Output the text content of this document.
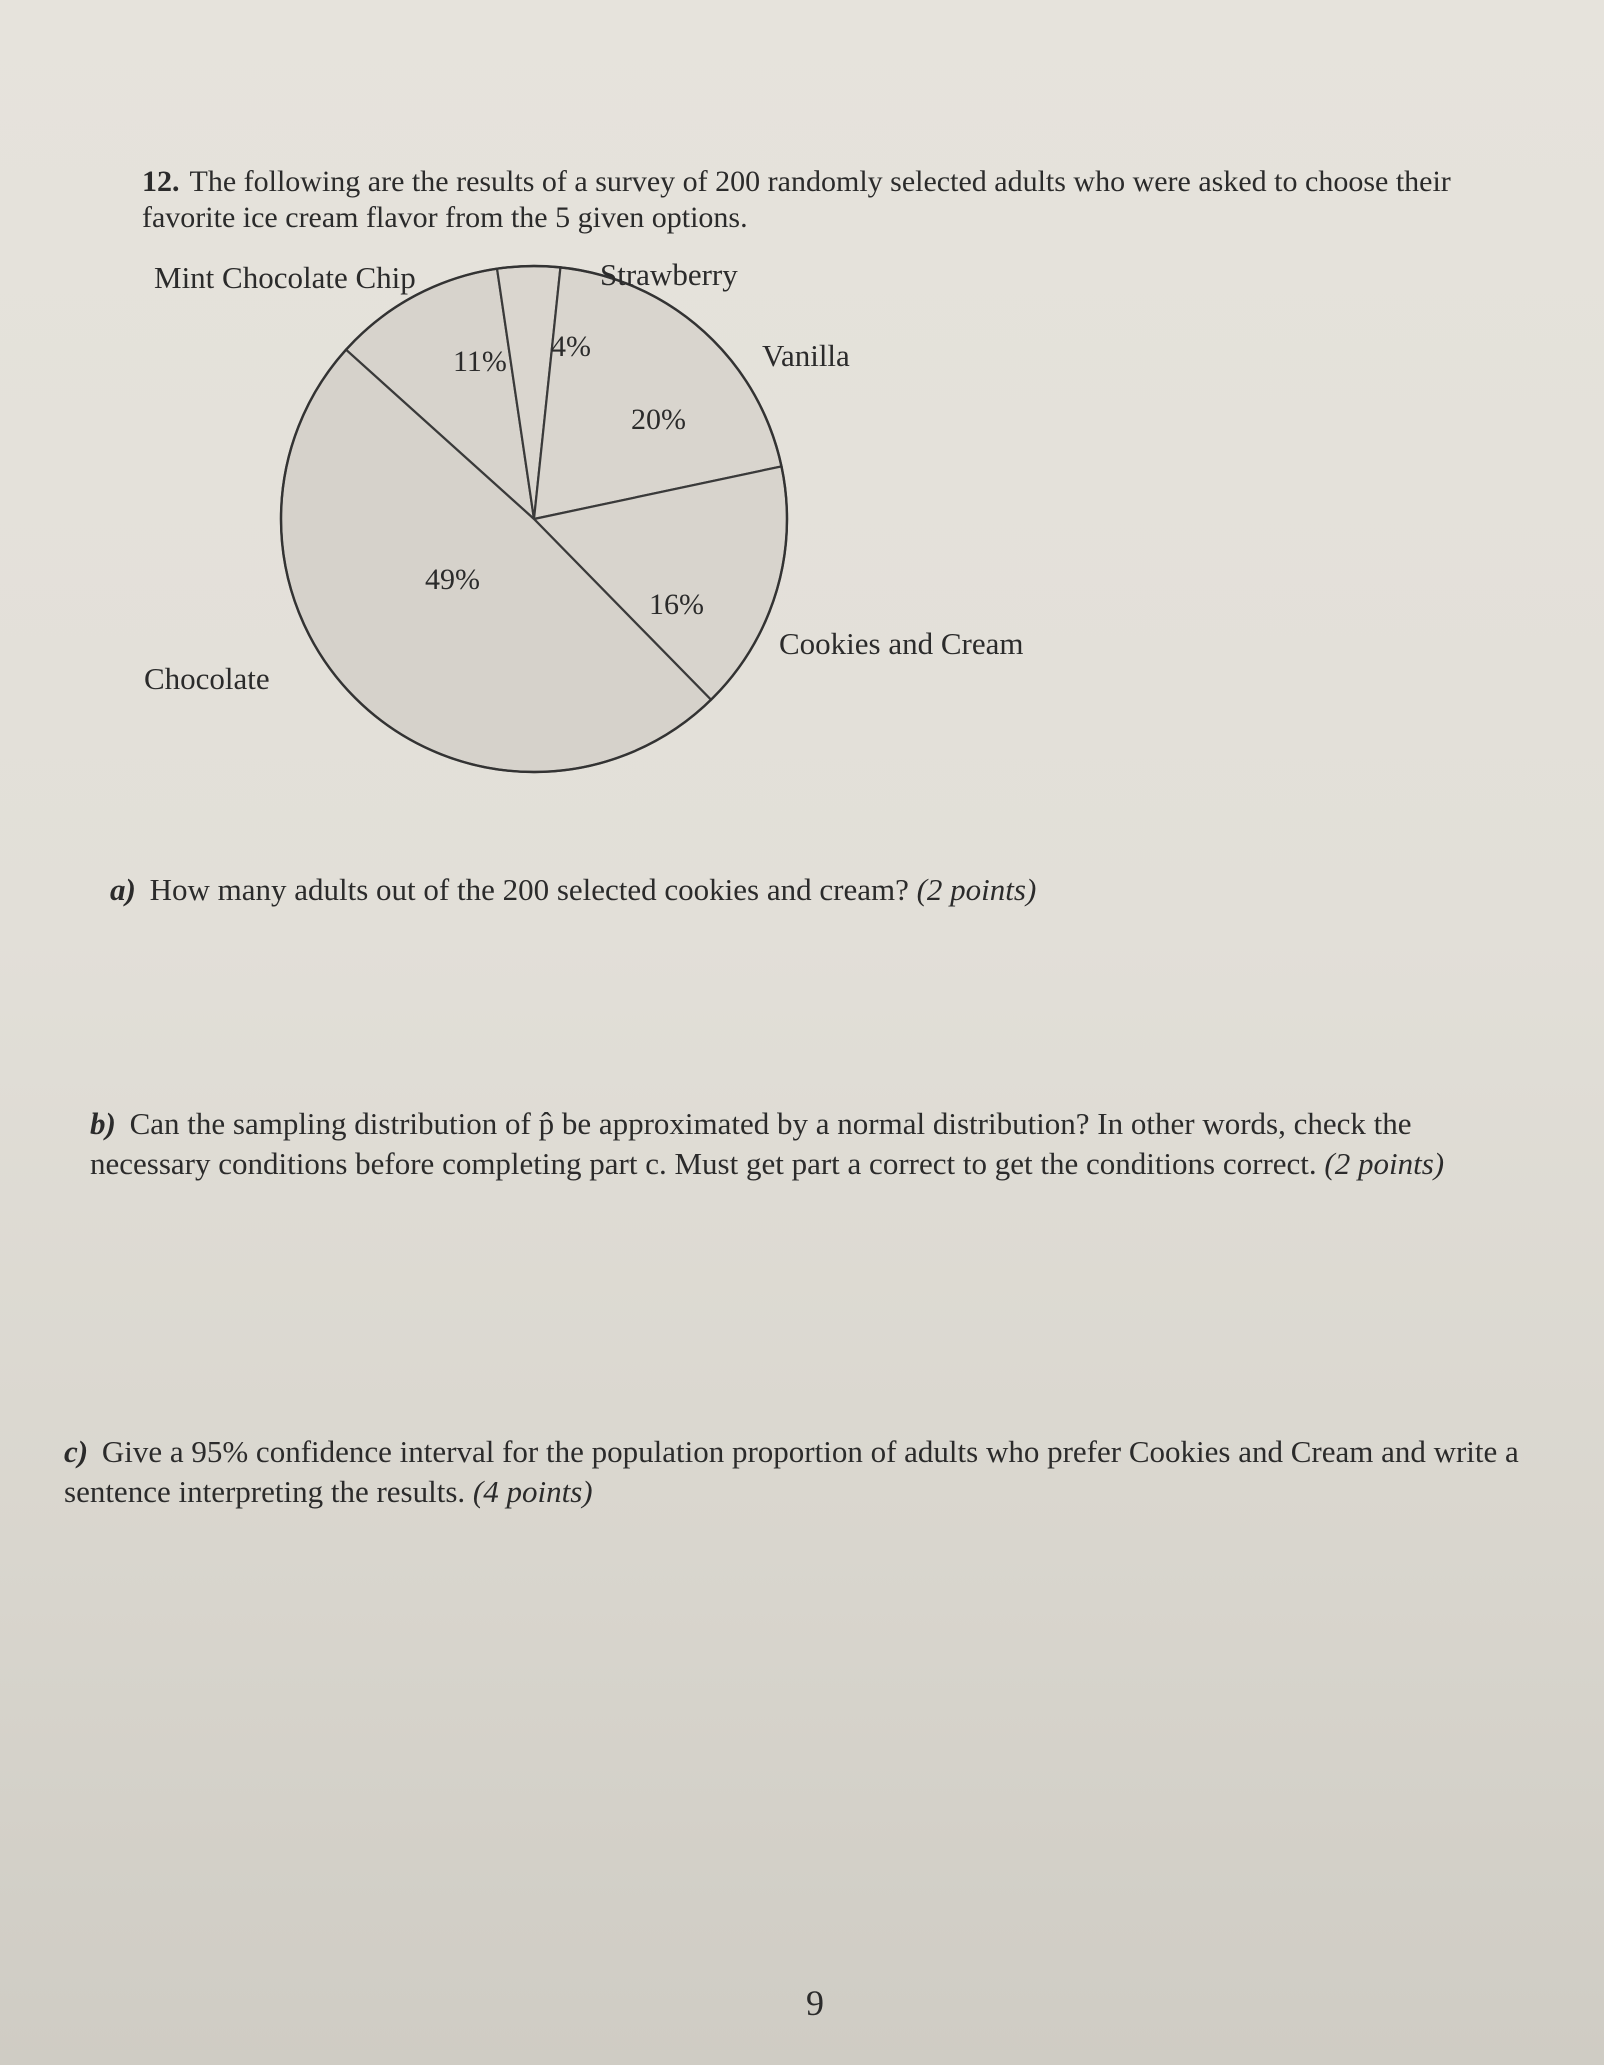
12. The following are the results of a survey of 200 randomly selected adults who were asked to choose their favorite ice cream flavor from the 5 given options.
Mint Chocolate Chip	Strawberry
Vanilla
Cookies and Cream
Chocolate
11% 4%
20%
16%
49%
a) How many adults out of the 200 selected cookies and cream? (2 points)
b) Can the sampling distribution of p̂ be approximated by a normal distribution? In other words, check the necessary conditions before completing part c. Must get part a correct to get the conditions correct. (2 points)
c) Give a 95% confidence interval for the population proportion of adults who prefer Cookies and Cream and write a sentence interpreting the results. (4 points)
9
